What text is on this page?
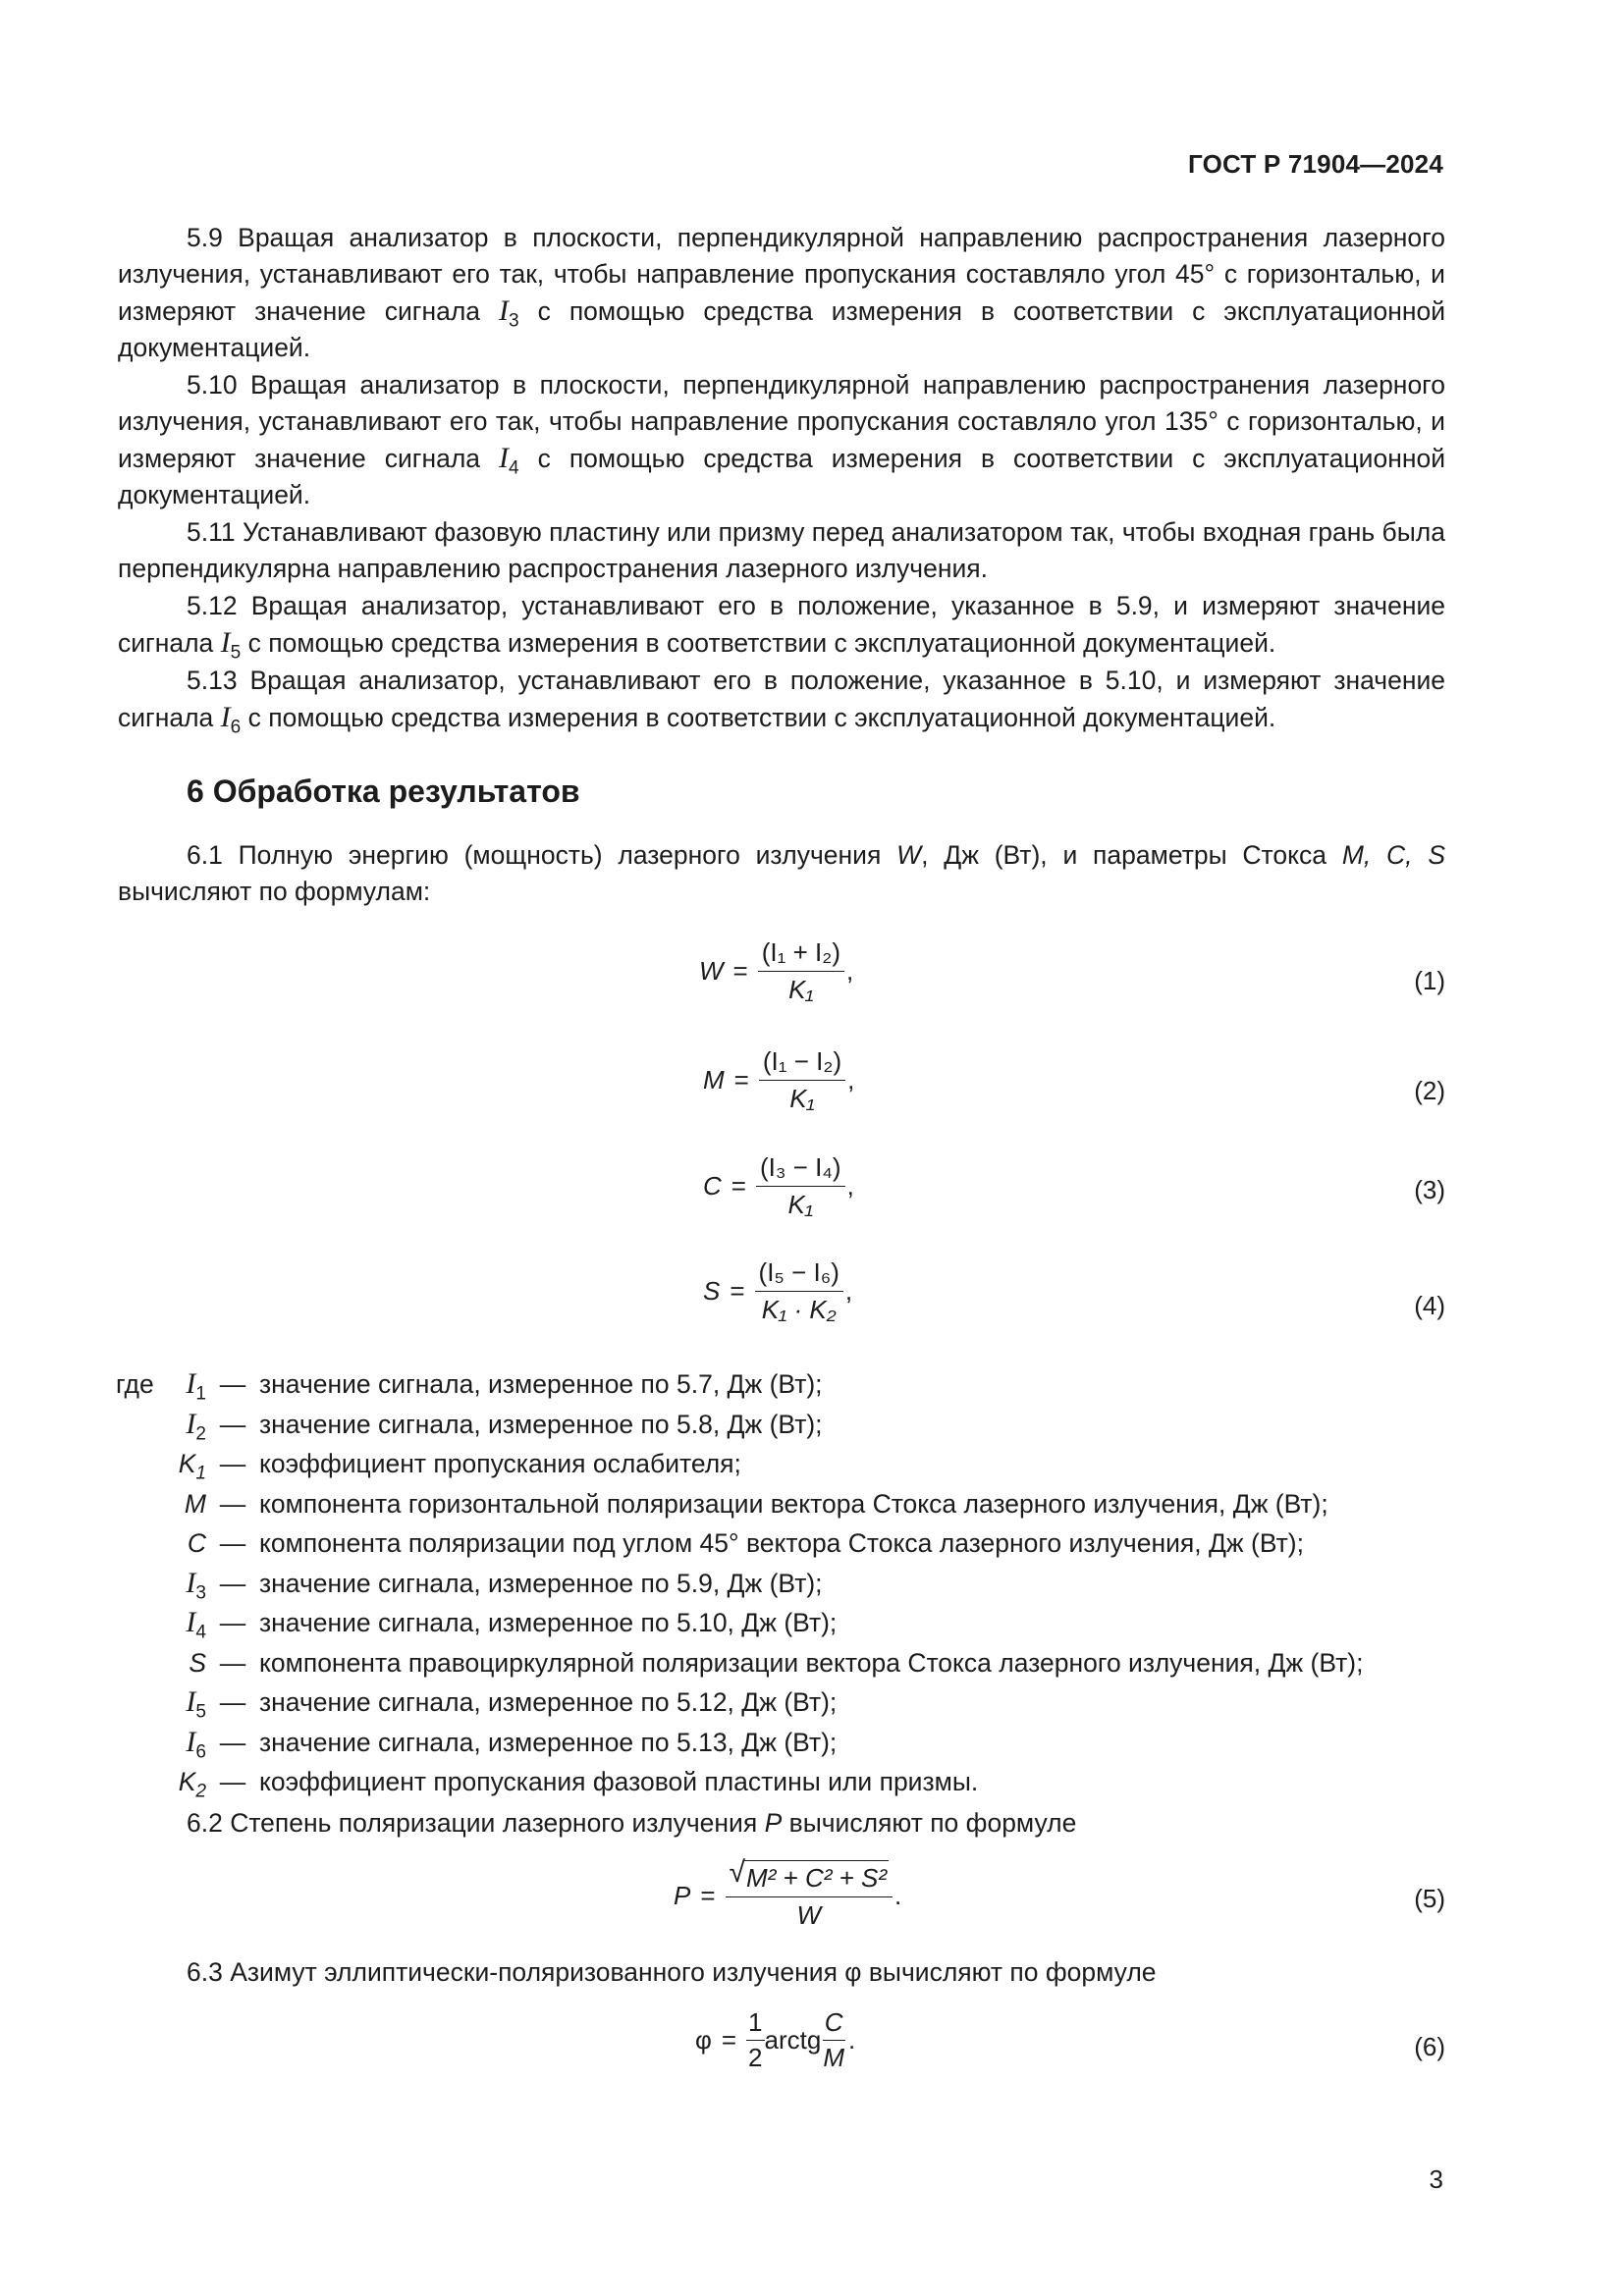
ГОСТ Р 71904—2024

5.9 Вращая анализатор в плоскости, перпендикулярной направлению распространения лазерного излучения, устанавливают его так, чтобы направление пропускания составляло угол 45° с горизонталью, и измеряют значение сигнала $I_3$ с помощью средства измерения в соответствии с эксплуатационной документацией.

5.10 Вращая анализатор в плоскости, перпендикулярной направлению распространения лазерного излучения, устанавливают его так, чтобы направление пропускания составляло угол 135° с горизонталью, и измеряют значение сигнала $I_4$ с помощью средства измерения в соответствии с эксплуатационной документацией.

5.11 Устанавливают фазовую пластину или призму перед анализатором так, чтобы входная грань была перпендикулярна направлению распространения лазерного излучения.

5.12 Вращая анализатор, устанавливают его в положение, указанное в 5.9, и измеряют значение сигнала $I_5$ с помощью средства измерения в соответствии с эксплуатационной документацией.

5.13 Вращая анализатор, устанавливают его в положение, указанное в 5.10, и измеряют значение сигнала $I_6$ с помощью средства измерения в соответствии с эксплуатационной документацией.

6 Обработка результатов

6.1 Полную энергию (мощность) лазерного излучения W, Дж (Вт), и параметры Стокса M, C, S вычисляют по формулам:

$W = \frac{\text{(I₁ + I₂)}}{\text{K₁}}$ ,	(1)
$M = \frac{\text{(I₁ − I₂)}}{\text{K₁}}$ ,	(2)
$C = \frac{\text{(I₃ − I₄)}}{\text{K₁}}$ ,	(3)
$S = \frac{\text{(I₅ − I₆)}}{\text{K₁ · K₂}}$ ,	(4)
где	$I_1$ — значение сигнала, измеренное по 5.7, Дж (Вт);
$I_2$ — значение сигнала, измеренное по 5.8, Дж (Вт);
$K_1$ — коэффициент пропускания ослабителя;
M — компонента горизонтальной поляризации вектора Стокса лазерного излучения, Дж (Вт);
C — компонента поляризации под углом 45° вектора Стокса лазерного излучения, Дж (Вт);
$I_3$ — значение сигнала, измеренное по 5.9, Дж (Вт);
$I_4$ — значение сигнала, измеренное по 5.10, Дж (Вт);
S — компонента правоциркулярной поляризации вектора Стокса лазерного излучения, Дж (Вт);
$I_5$ — значение сигнала, измеренное по 5.12, Дж (Вт);
$I_6$ — значение сигнала, измеренное по 5.13, Дж (Вт);
$K_2$ — коэффициент пропускания фазовой пластины или призмы.

6.2 Степень поляризации лазерного излучения P вычисляют по формуле

$P = \frac{\text{√ M² + C² + S²}}{W}$ .	(5)

6.3 Азимут эллиптически-поляризованного излучения φ вычисляют по формуле

$\varphi = \frac{1}{2}$ arctg $\frac{C}{M}$ .	(6)
3
